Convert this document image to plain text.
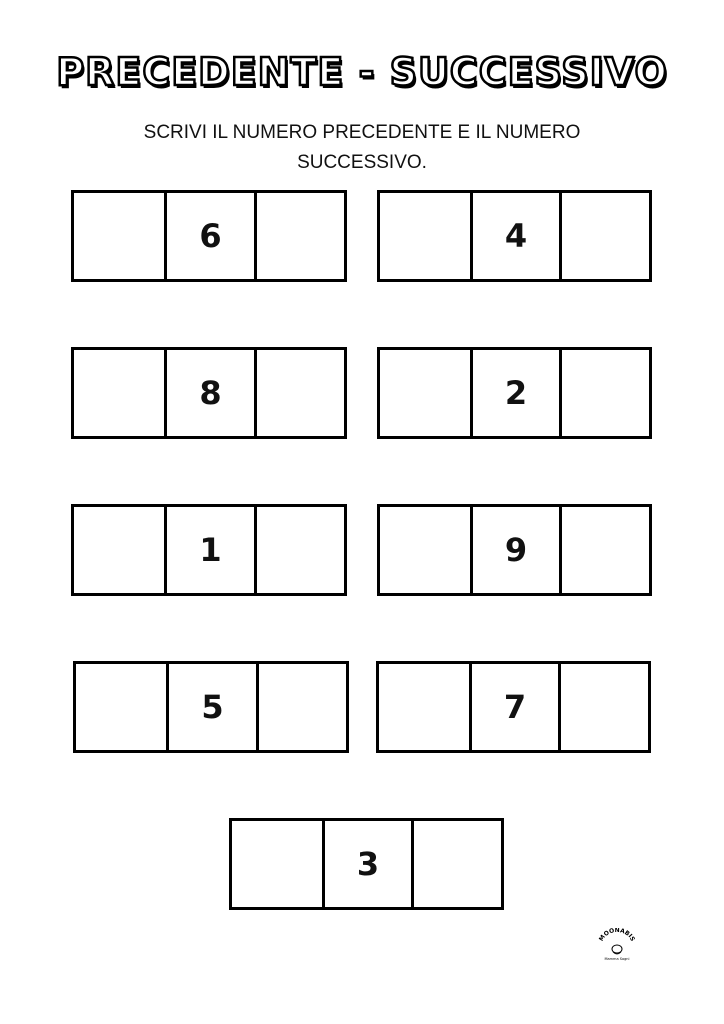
PRECEDENTE - SUCCESSIVO

SCRIVI IL NUMERO PRECEDENTE E IL NUMERO SUCCESSIVO.

6	4
8	2
1	9
5	7
3
MOONABIS
Mamma Sogni
